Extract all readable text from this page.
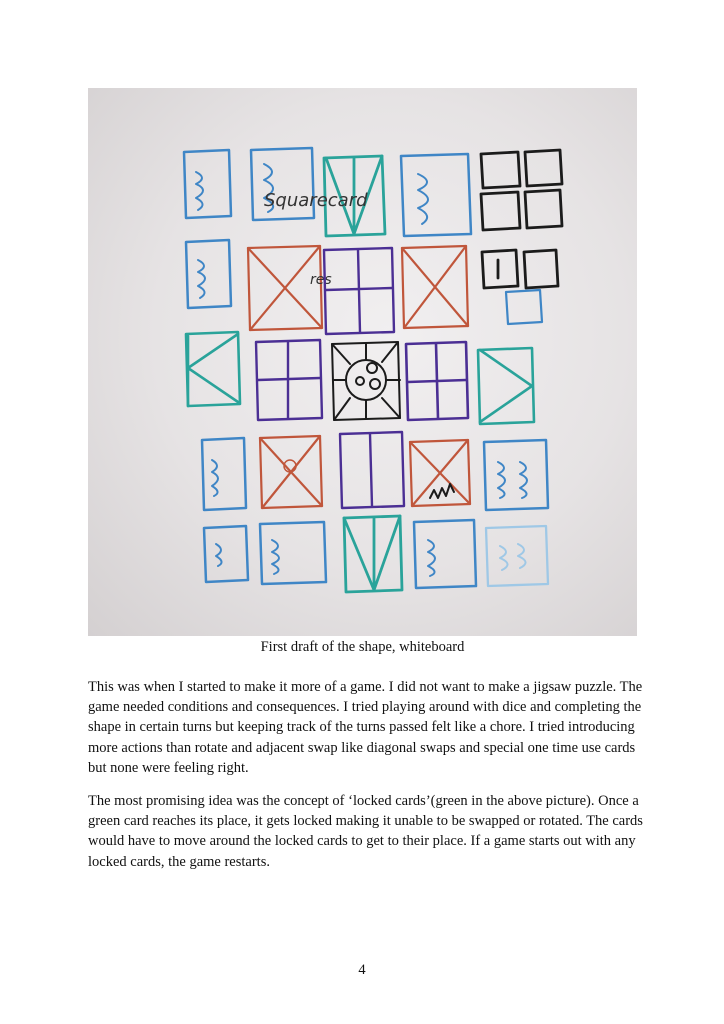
Squarecard
res
First draft of the shape, whiteboard

This was when I started to make it more of a game. I did not want to make a jigsaw puzzle. The game needed conditions and consequences. I tried playing around with dice and completing the shape in certain turns but keeping track of the turns passed felt like a chore. I tried introducing more actions than rotate and adjacent swap like diagonal swaps and special one time use cards but none were feeling right.

The most promising idea was the concept of ‘locked cards’(green in the above picture). Once a green card reaches its place, it gets locked making it unable to be swapped or rotated. The cards would have to move around the locked cards to get to their place. If a game starts out with any locked cards, the game restarts.

4
